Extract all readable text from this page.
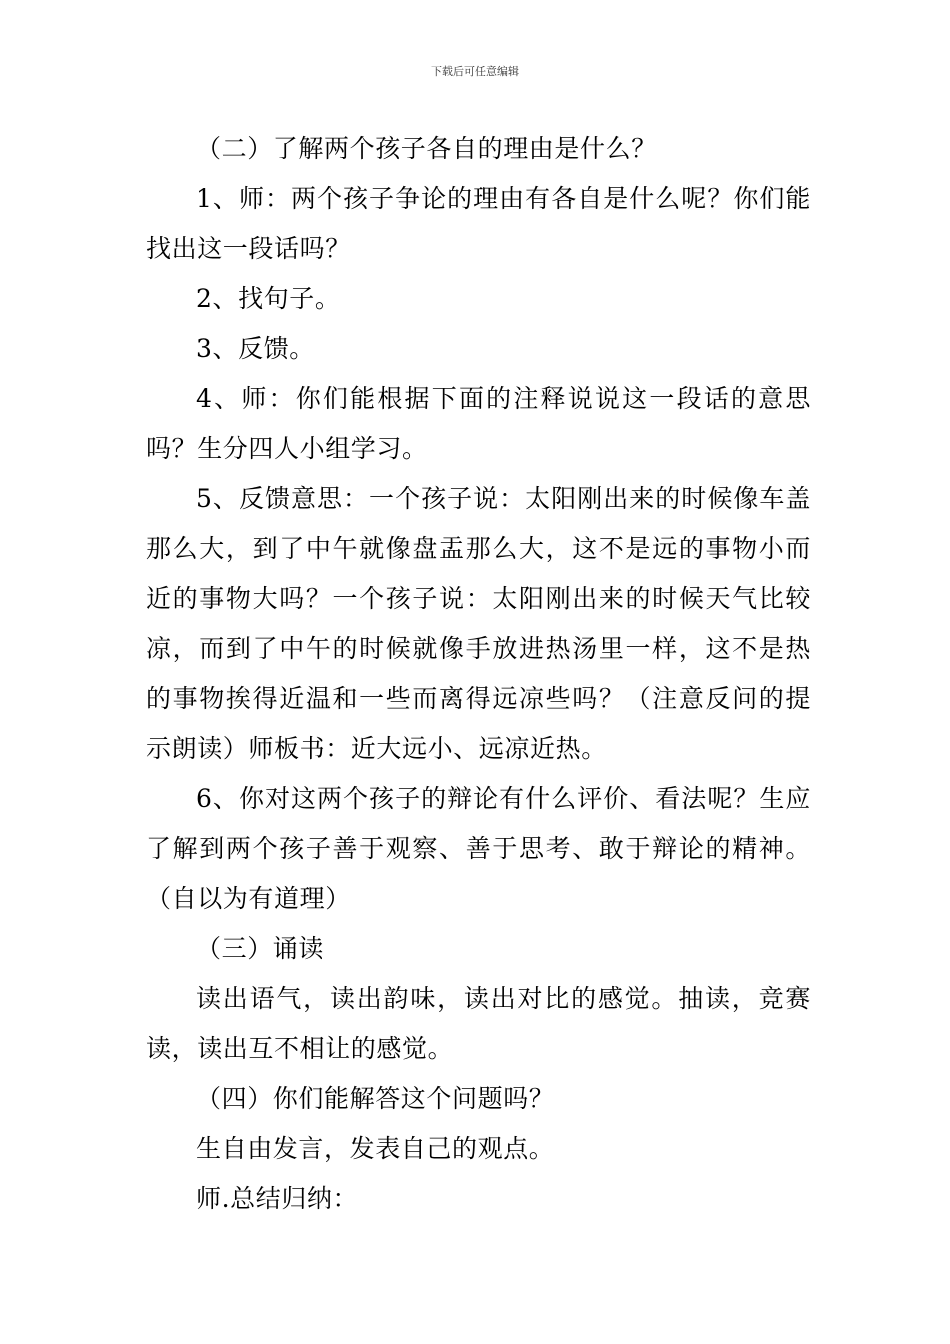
下载后可任意编辑

（二）了解两个孩子各自的理由是什么？

1、师：两个孩子争论的理由有各自是什么呢？你们能找出这一段话吗？

2、找句子。

3、反馈。

4、师：你们能根据下面的注释说说这一段话的意思吗？生分四人小组学习。

5、反馈意思：一个孩子说：太阳刚出来的时候像车盖那么大，到了中午就像盘盂那么大，这不是远的事物小而近的事物大吗？一个孩子说：太阳刚出来的时候天气比较凉，而到了中午的时候就像手放进热汤里一样，这不是热的事物挨得近温和一些而离得远凉些吗？（注意反问的提示朗读）师板书：近大远小、远凉近热。

6、你对这两个孩子的辩论有什么评价、看法呢？生应了解到两个孩子善于观察、善于思考、敢于辩论的精神。（自以为有道理）

（三）诵读

读出语气，读出韵味，读出对比的感觉。抽读，竞赛读，读出互不相让的感觉。

（四）你们能解答这个问题吗？

生自由发言，发表自己的观点。

师.总结归纳：
